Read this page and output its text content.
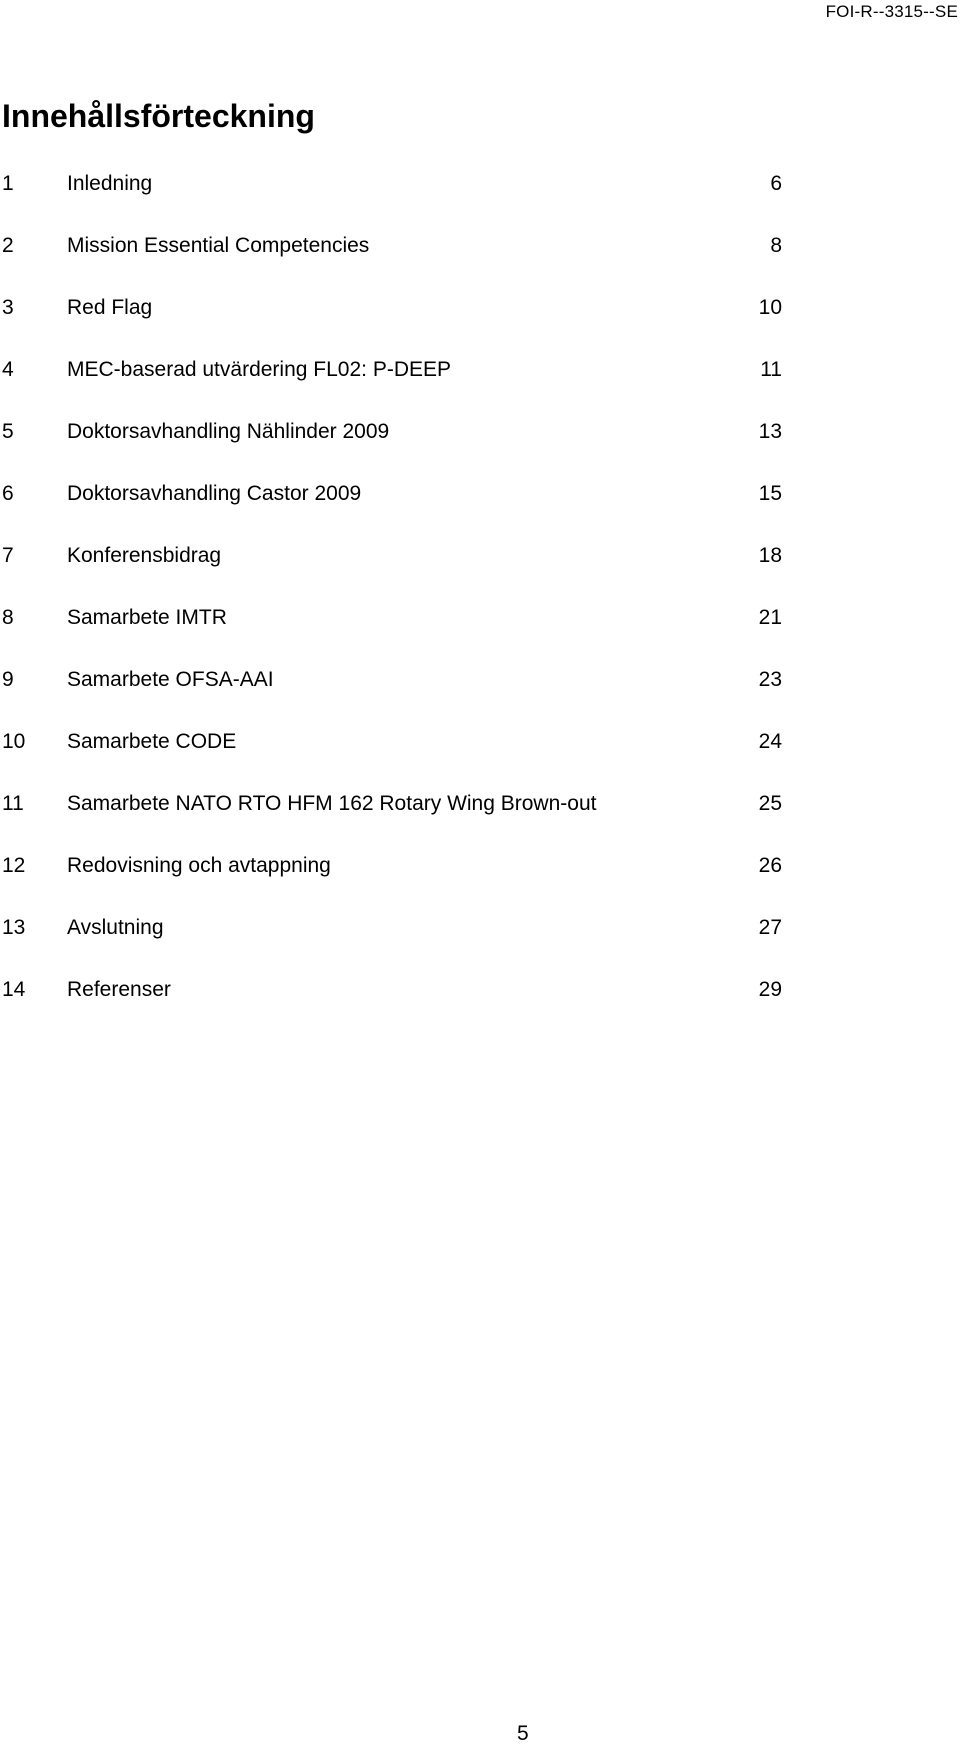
FOI-R--3315--SE
Innehållsförteckning
1	Inledning	6
2	Mission Essential Competencies	8
3	Red Flag	10
4	MEC-baserad utvärdering FL02: P-DEEP	11
5	Doktorsavhandling Nählinder 2009	13
6	Doktorsavhandling Castor 2009	15
7	Konferensbidrag	18
8	Samarbete IMTR	21
9	Samarbete OFSA-AAI	23
10 Samarbete CODE	24
11 Samarbete NATO RTO HFM 162 Rotary Wing Brown-out	25
12 Redovisning och avtappning	26
13 Avslutning	27
14 Referenser	29
5
